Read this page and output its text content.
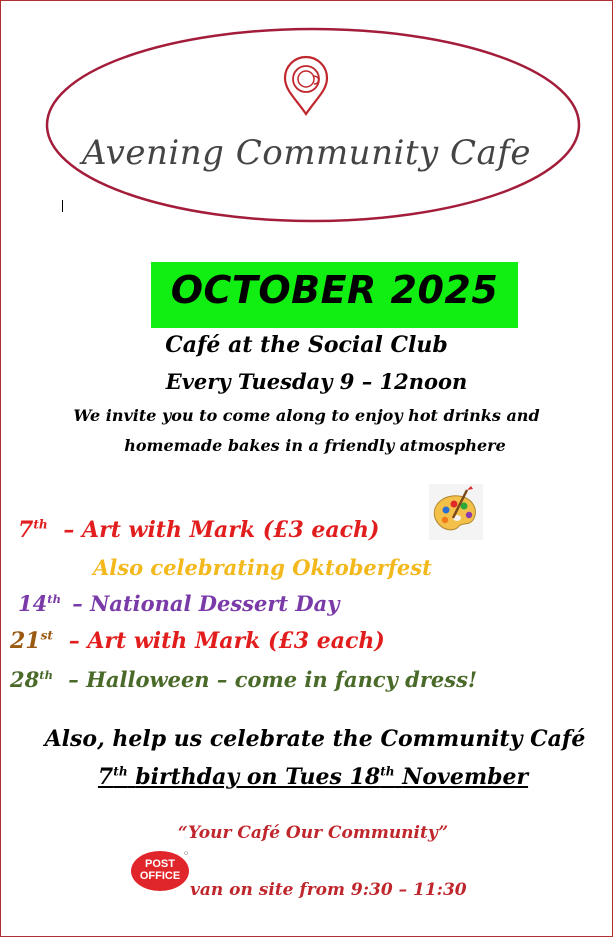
Avening Community Cafe
OCTOBER 2025
Café at the Social Club
Every Tuesday 9 – 12noon
We invite you to come along to enjoy hot drinks and
homemade bakes in a friendly atmosphere
7th – Art with Mark (£3 each)
Also celebrating Oktoberfest
14th – National Dessert Day
21st – Art with Mark (£3 each)
28th – Halloween – come in fancy dress!
Also, help us celebrate the Community Café
7th birthday on Tues 18th November
“Your Café Our Community”
POST
OFFICE
van on site from 9:30 – 11:30
